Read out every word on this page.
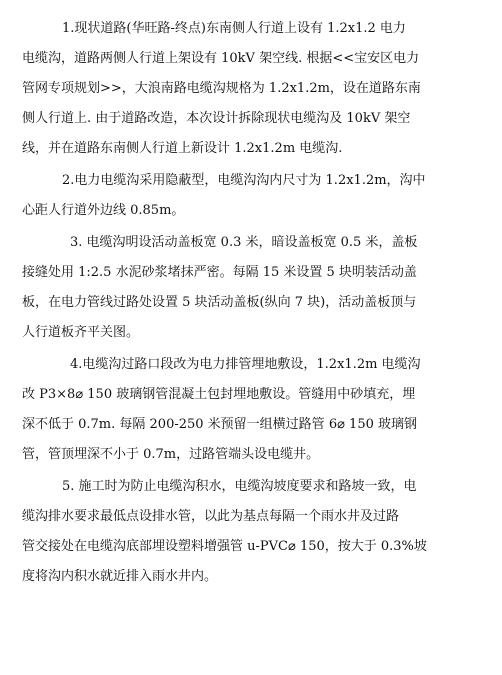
1.现状道路(华旺路-终点)东南侧人行道上设有 1.2x1.2 电力
电缆沟，道路两侧人行道上架设有 10kV 架空线. 根据<<宝安区电力
管网专项规划>>，大浪南路电缆沟规格为 1.2x1.2m，设在道路东南
侧人行道上. 由于道路改造，本次设计拆除现状电缆沟及 10kV 架空
线，并在道路东南侧人行道上新设计 1.2x1.2m 电缆沟.
2.电力电缆沟采用隐蔽型，电缆沟沟内尺寸为 1.2x1.2m，沟中
心距人行道外边线 0.85m。
3. 电缆沟明设活动盖板宽 0.3 米，暗设盖板宽 0.5 米，盖板
接缝处用 1:2.5 水泥砂浆堵抹严密。每隔 15 米设置 5 块明装活动盖
板，在电力管线过路处设置 5 块活动盖板(纵向 7 块)，活动盖板顶与
人行道板齐平关图。
4.电缆沟过路口段改为电力排管埋地敷设，1.2x1.2m 电缆沟
改 P3×8⌀ 150 玻璃钢管混凝土包封埋地敷设。管缝用中砂填充，埋
深不低于 0.7m. 每隔 200-250 米预留一组横过路管 6⌀ 150 玻璃钢
管，管顶埋深不小于 0.7m，过路管端头设电缆井。
5. 施工时为防止电缆沟积水，电缆沟坡度要求和路坡一致，电
缆沟排水要求最低点设排水管，以此为基点每隔一个雨水井及过路
管交接处在电缆沟底部埋设塑料增强管 u-PVC⌀ 150，按大于 0.3%坡
度将沟内积水就近排入雨水井内。
